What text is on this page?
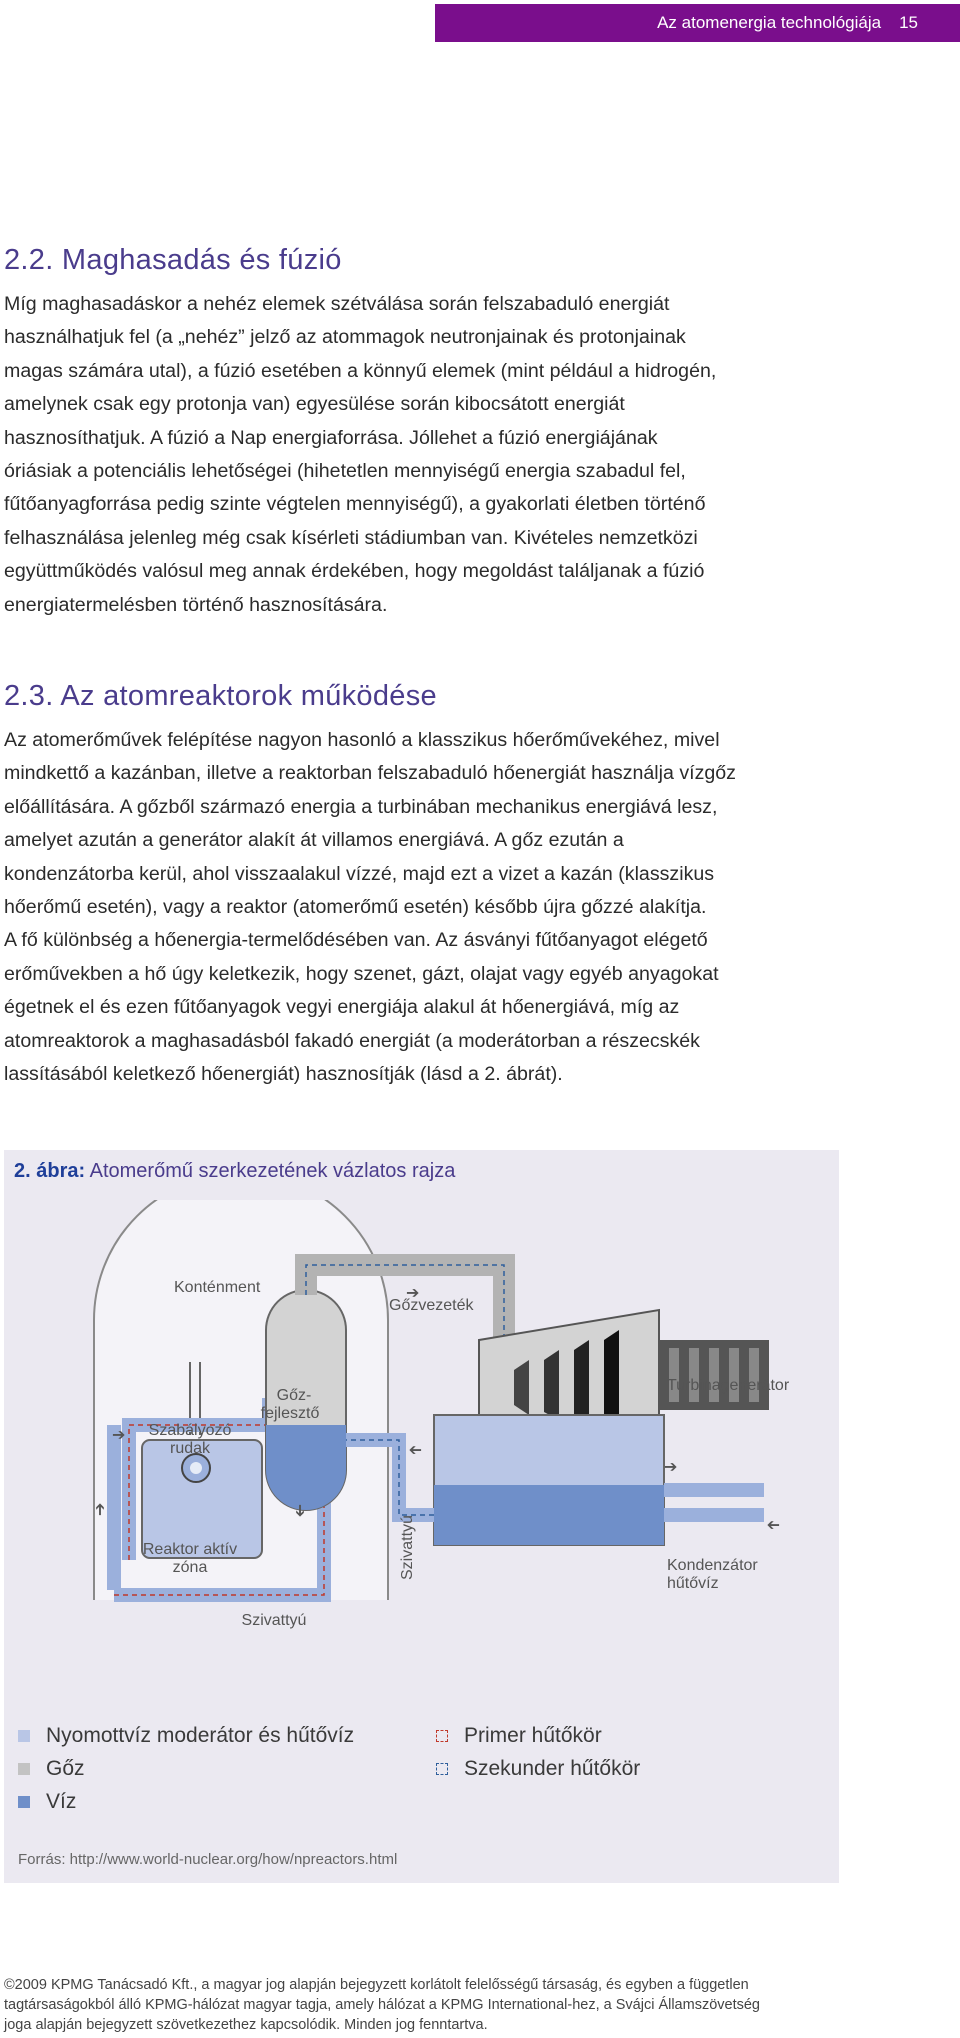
Az atomenergia technológiája 15
2.2. Maghasadás és fúzió
Míg maghasadáskor a nehéz elemek szétválása során felszabaduló energiát
használhatjuk fel (a „nehéz” jelző az atommagok neutronjainak és protonjainak
magas számára utal), a fúzió esetében a könnyű elemek (mint például a hidrogén,
amelynek csak egy protonja van) egyesülése során kibocsátott energiát
hasznosíthatjuk. A fúzió a Nap energiaforrása. Jóllehet a fúzió energiájának
óriásiak a potenciális lehetőségei (hihetetlen mennyiségű energia szabadul fel,
fűtőanyagforrása pedig szinte végtelen mennyiségű), a gyakorlati életben történő
felhasználása jelenleg még csak kísérleti stádiumban van. Kivételes nemzetközi
együttműködés valósul meg annak érdekében, hogy megoldást találjanak a fúzió
energiatermelésben történő hasznosítására.
2.3. Az atomreaktorok működése
Az atomerőművek felépítése nagyon hasonló a klasszikus hőerőművekéhez, mivel
mindkettő a kazánban, illetve a reaktorban felszabaduló hőenergiát használja vízgőz
előállítására. A gőzből származó energia a turbinában mechanikus energiává lesz,
amelyet azután a generátor alakít át villamos energiává. A gőz ezután a
kondenzátorba kerül, ahol visszaalakul vízzé, majd ezt a vizet a kazán (klasszikus
hőerőmű esetén), vagy a reaktor (atomerőmű esetén) később újra gőzzé alakítja.
A fő különbség a hőenergia-termelődésében van. Az ásványi fűtőanyagot elégető
erőművekben a hő úgy keletkezik, hogy szenet, gázt, olajat vagy egyéb anyagokat
égetnek el és ezen fűtőanyagok vegyi energiája alakul át hőenergiává, míg az
atomreaktorok a maghasadásból fakadó energiát (a moderátorban a részecskék
lassításából keletkező hőenergiát) hasznosítják (lásd a 2. ábrát).
2. ábra: Atomerőmű szerkezetének vázlatos rajza
➔
➔
➔
➔
➔
➔	➔
Konténment
Gőzvezeték
Turbinagenerátor
Gőz-
fejlesztő
Szabályozó
rudak
Reaktor aktív
zóna
Szivattyú
Szivattyú	Kondenzátor
hűtővíz
Nyomottvíz moderátor és hűtővíz
Gőz
Víz
Primer hűtőkör
Szekunder hűtőkör
Forrás: http://www.world-nuclear.org/how/npreactors.html
©2009 KPMG Tanácsadó Kft., a magyar jog alapján bejegyzett korlátolt felelősségű társaság, és egyben a független
tagtársaságokból álló KPMG-hálózat magyar tagja, amely hálózat a KPMG International-hez, a Svájci Államszövetség
joga alapján bejegyzett szövetkezethez kapcsolódik. Minden jog fenntartva.
